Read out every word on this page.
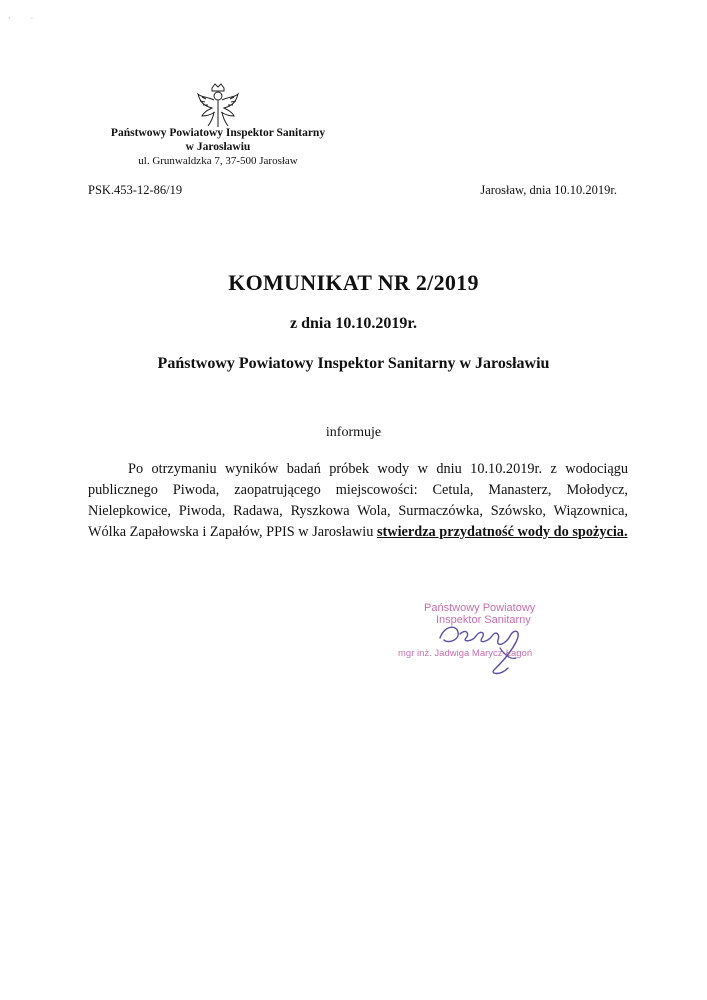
·          ·
Państwowy Powiatowy Inspektor Sanitarny
w Jarosławiu
ul. Grunwaldzka 7, 37-500 Jarosław
PSK.453-12-86/19	Jarosław, dnia 10.10.2019r.
KOMUNIKAT NR 2/2019
z dnia 10.10.2019r.
Państwowy Powiatowy Inspektor Sanitarny w Jarosławiu
informuje
Po otrzymaniu wyników badań próbek wody w dniu 10.10.2019r. z wodociągu publicznego Piwoda, zaopatrującego miejscowości: Cetula, Manasterz, Mołodycz, Nielepkowice, Piwoda, Radawa, Ryszkowa Wola, Surmaczówka, Szówsko, Wiązownica, Wólka Zapałowska i Zapałów, PPIS w Jarosławiu stwierdza przydatność wody do spożycia.
Państwowy Powiatowy
Inspektor Sanitarny
mgr inż. Jadwiga Marycz-Łagoń
